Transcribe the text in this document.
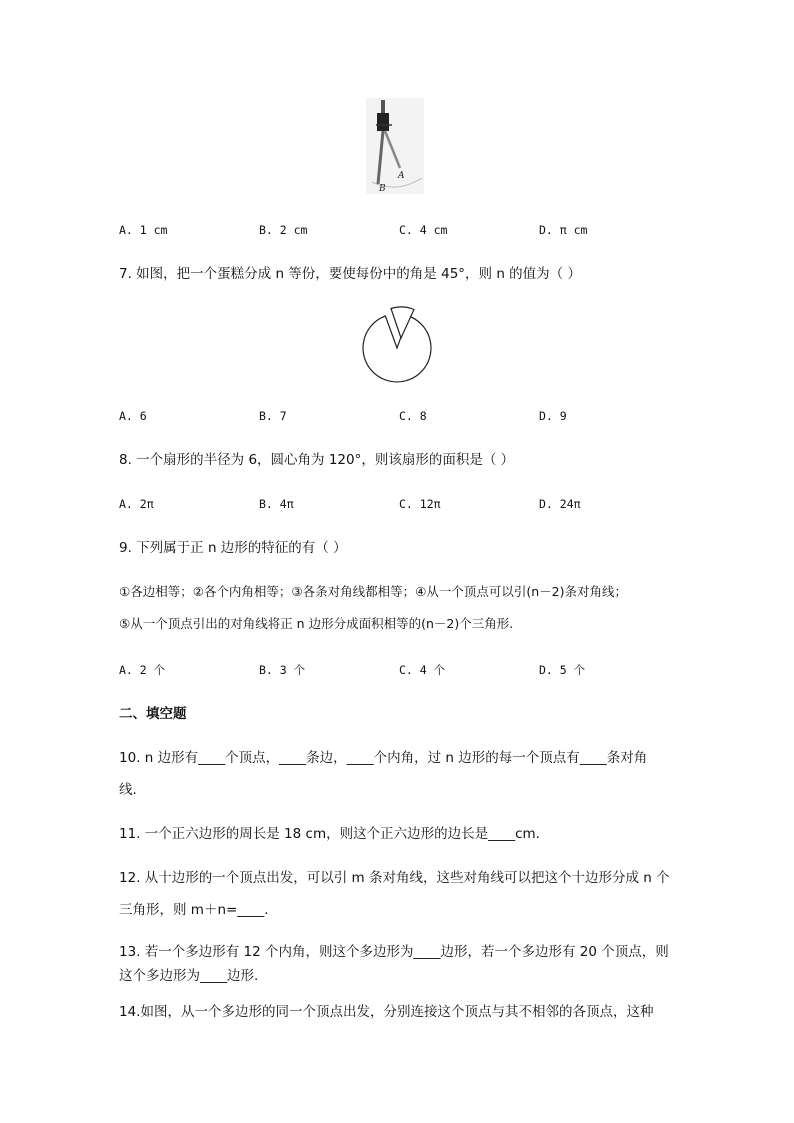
A
B
A. 1 cm	B. 2 cm	C. 4 cm	D. π cm
7. 如图，把一个蛋糕分成 n 等份，要使每份中的角是 45°，则 n 的值为（ ）
A. 6	B. 7	C. 8	D. 9
8. 一个扇形的半径为 6，圆心角为 120°，则该扇形的面积是（ ）
A. 2π	B. 4π	C. 12π	D. 24π
9. 下列属于正 n 边形的特征的有（ ）
①各边相等；②各个内角相等；③各条对角线都相等；④从一个顶点可以引(n－2)条对角线；
⑤从一个顶点引出的对角线将正 n 边形分成面积相等的(n－2)个三角形.
A. 2 个	B. 3 个	C. 4 个	D. 5 个
二、填空题
10. n 边形有____个顶点，____条边，____个内角，过 n 边形的每一个顶点有____条对角
线.
11. 一个正六边形的周长是 18 cm，则这个正六边形的边长是____cm.
12. 从十边形的一个顶点出发，可以引 m 条对角线，这些对角线可以把这个十边形分成 n 个
三角形，则 m＋n=____.
13. 若一个多边形有 12 个内角，则这个多边形为____边形，若一个多边形有 20 个顶点，则
这个多边形为____边形.
14.如图，从一个多边形的同一个顶点出发，分别连接这个顶点与其不相邻的各顶点，这种
